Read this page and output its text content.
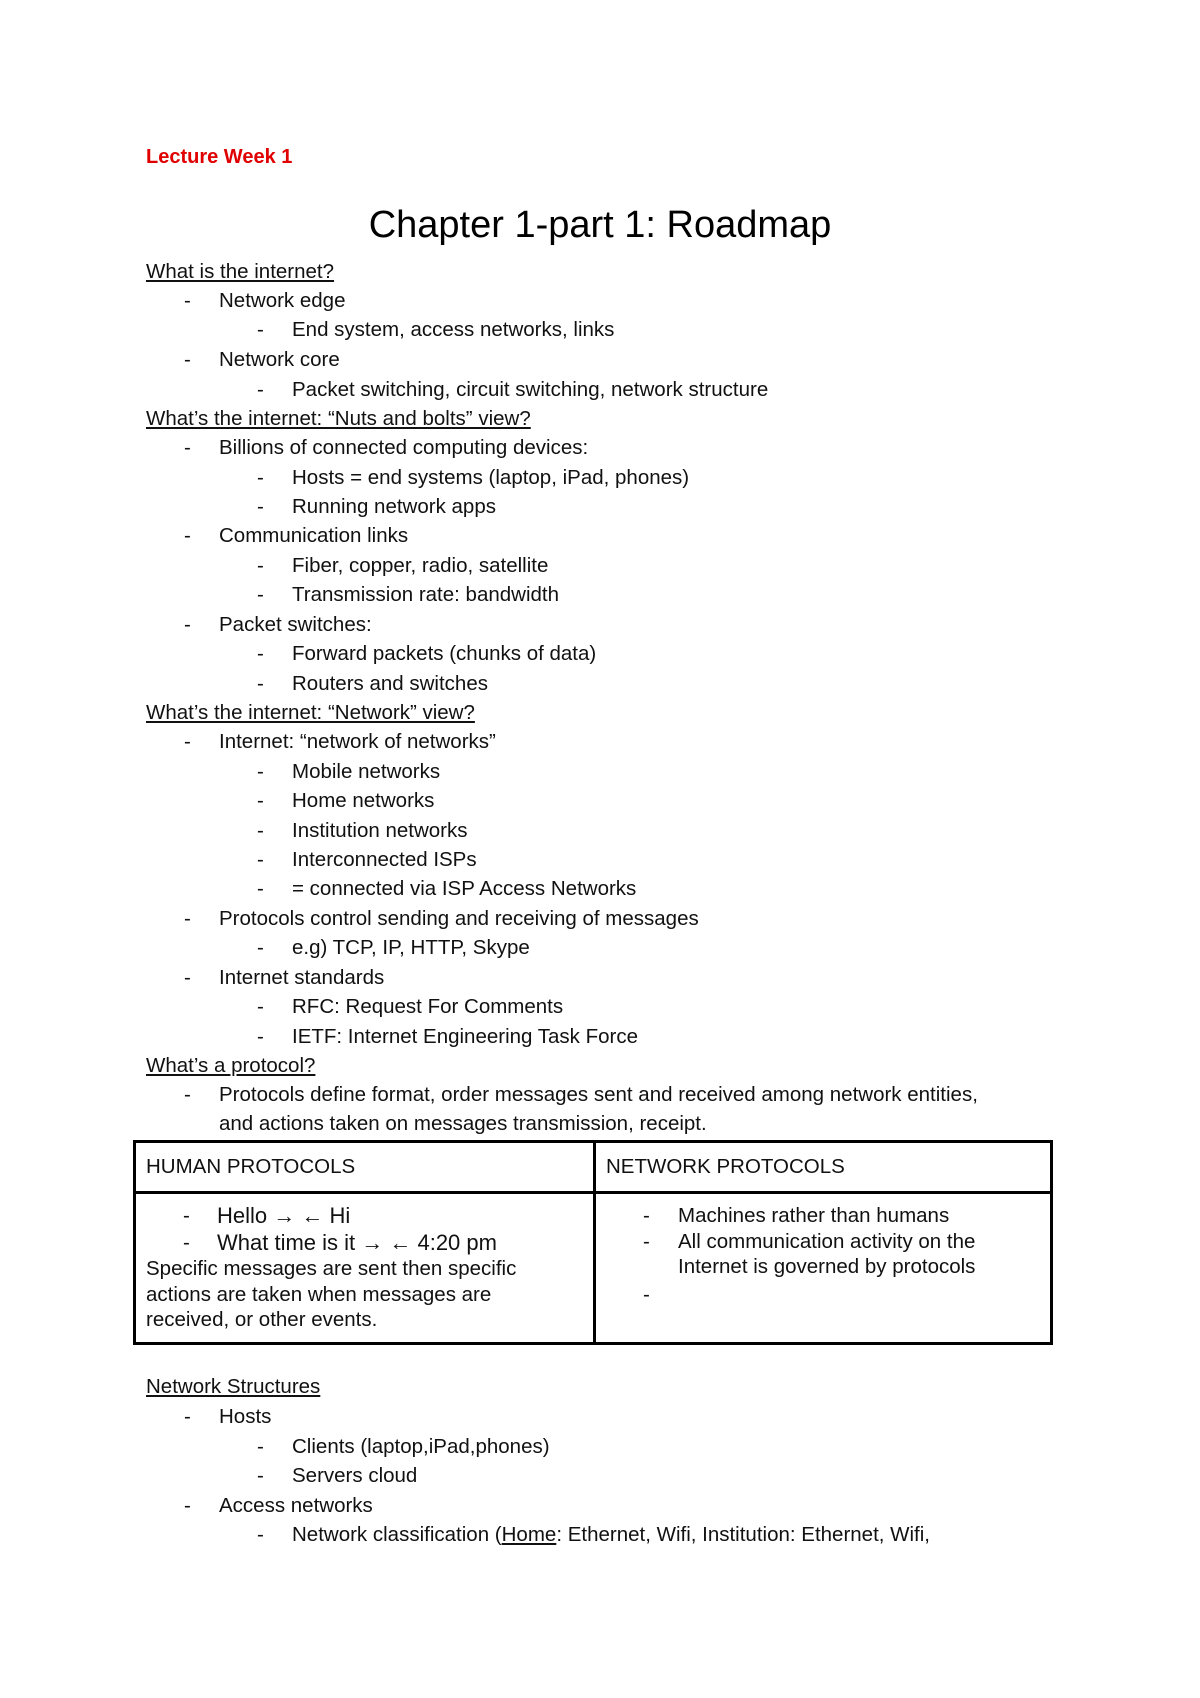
Lecture Week 1
Chapter 1-part 1: Roadmap
What is the internet?
- Network edge
- End system, access networks, links
- Network core
- Packet switching, circuit switching, network structure
What’s the internet: “Nuts and bolts” view?
- Billions of connected computing devices:
- Hosts = end systems (laptop, iPad, phones)
- Running network apps
- Communication links
- Fiber, copper, radio, satellite
- Transmission rate: bandwidth
- Packet switches:
- Forward packets (chunks of data)
- Routers and switches
What’s the internet: “Network” view?
- Internet: “network of networks”
- Mobile networks
- Home networks
- Institution networks
- Interconnected ISPs
- = connected via ISP Access Networks
- Protocols control sending and receiving of messages
- e.g) TCP, IP, HTTP, Skype
- Internet standards
- RFC: Request For Comments
- IETF: Internet Engineering Task Force
What’s a protocol?
- Protocols define format, order messages sent and received among network entities,
and actions taken on messages transmission, receipt.
HUMAN PROTOCOLS	NETWORK PROTOCOLS
- Hello → ← Hi
- What time is it → ← 4:20 pm
Specific messages are sent then specific
actions are taken when messages are
received, or other events.
- Machines rather than humans
- All communication activity on the
Internet is governed by protocols
-
Network Structures
- Hosts
- Clients (laptop,iPad,phones)
- Servers cloud
- Access networks
- Network classification (Home: Ethernet, Wifi, Institution: Ethernet, Wifi,
